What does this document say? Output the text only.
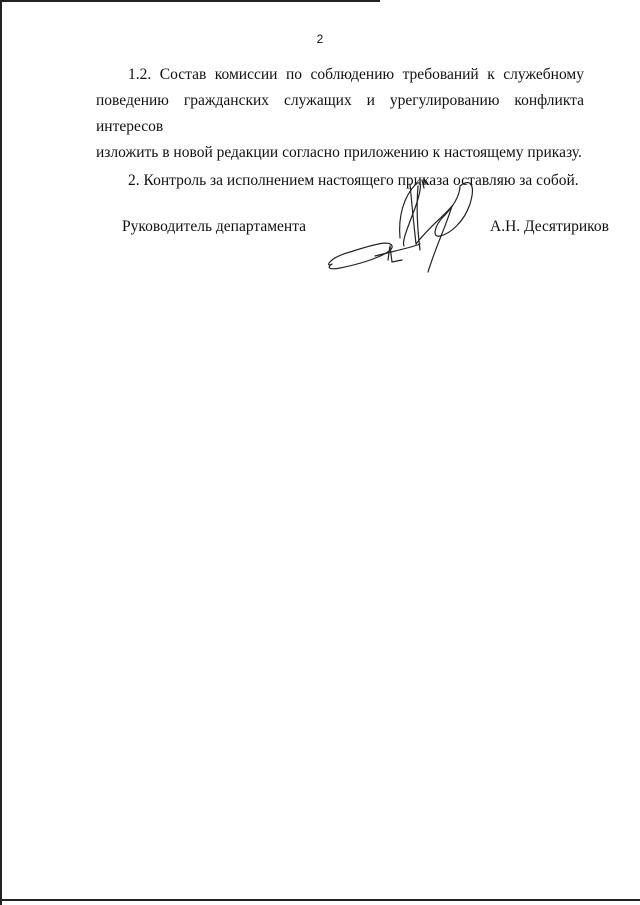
2

1.2. Состав комиссии по соблюдению требований к служебному
поведению гражданских служащих и урегулированию конфликта интересов
изложить в новой редакции согласно приложению к настоящему приказу.

2. Контроль за исполнением настоящего приказа оставляю за собой.

Руководитель департамента	А.Н. Десятириков
